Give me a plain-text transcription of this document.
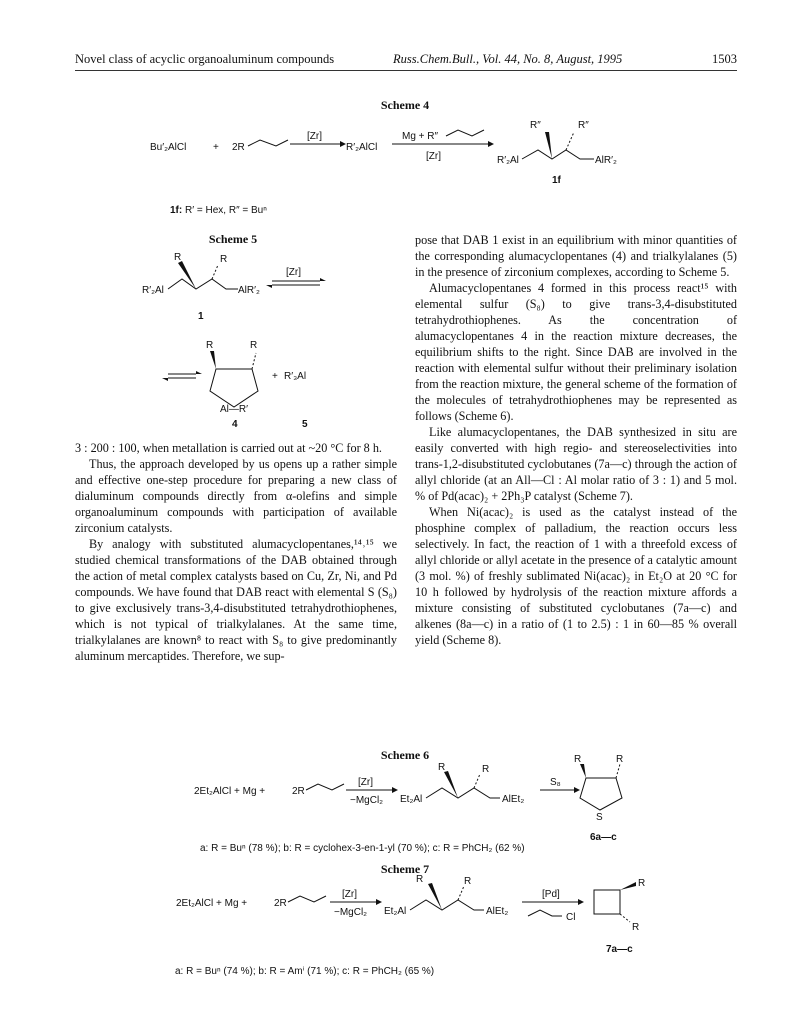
Novel class of acyclic organoaluminum compounds	Russ.Chem.Bull., Vol. 44, No. 8, August, 1995	1503
Scheme 4
Bu′₂AlCl	+ 2R
[Zr]
R′₂AlCl
Mg + R″
[Zr]	R′₂Al
R″	R″
AlR′₂
1f
1f: R′ = Hex, R″ = Buⁿ
Scheme 5
R′₂Al
R	R
AlR′₂
[Zr]
1
R	R
Al—R′
+ R′₃Al
4	5

3 : 200 : 100, when metallation is carried out at ~20 °C for 8 h.

Thus, the approach developed by us opens up a rather simple and effective one-step procedure for preparing a new class of dialuminum compounds directly from α-olefins and simple organoaluminum compounds with participation of available zirconium catalysts.

By analogy with substituted alumacyclopentanes,¹⁴˒¹⁵ we studied chemical transformations of the DAB obtained through the action of metal complex catalysts based on Cu, Zr, Ni, and Pd compounds. We have found that DAB react with elemental S (S₈) to give exclusively trans-3,4-disubstituted tetrahydrothiophenes, which is not typical of trialkylalanes. At the same time, trialkylalanes are known⁸ to react with S₈ to give predominantly aluminum mercaptides. Therefore, we sup-

pose that DAB 1 exist in an equilibrium with minor quantities of the corresponding alumacyclopentanes (4) and trialkylalanes (5) in the presence of zirconium complexes, according to Scheme 5.

Alumacyclopentanes 4 formed in this process react¹⁵ with elemental sulfur (S₈) to give trans-3,4-disubstituted tetrahydrothiophenes. As the concentration of alumacyclopentanes 4 in the reaction mixture decreases, the equilibrium shifts to the right. Since DAB are involved in the reaction with elemental sulfur without their preliminary isolation from the reaction mixture, the general scheme of the formation of the molecules of tetrahydrothiophenes may be represented as follows (Scheme 6).

Like alumacyclopentanes, the DAB synthesized in situ are easily converted with high regio- and stereoselectivities into trans-1,2-disubstituted cyclobutanes (7a—c) through the action of allyl chloride (at an All—Cl : Al molar ratio of 3 : 1) and 5 mol. % of Pd(acac)₂ + 2Ph₃P catalyst (Scheme 7).

When Ni(acac)₂ is used as the catalyst instead of the phosphine complex of palladium, the reaction occurs less selectively. In fact, the reaction of 1 with a threefold excess of allyl chloride or allyl acetate in the presence of a catalytic amount (3 mol. %) of freshly sublimated Ni(acac)₂ in Et₂O at 20 °C for 10 h followed by hydrolysis of the reaction mixture affords a mixture consisting of substituted cyclobutanes (7a—c) and alkenes (8a—c) in a ratio of (1 to 2.5) : 1 in 60—85 % overall yield (Scheme 8).

Scheme 6
2Et₂AlCl + Mg +	2R
[Zr]
−MgCl₂ Et₂Al
R	R
AlEt₂
S₈
R	R
S
6a—c
a: R = Buⁿ (78 %); b: R = cyclohex-3-en-1-yl (70 %); c: R = PhCH₂ (62 %)
Scheme 7
2Et₂AlCl + Mg +	2R
[Zr]
−MgCl₂ Et₂Al
R	R
AlEt₂
[Pd]
Cl
R
R
7a—c
a: R = Buⁿ (74 %); b: R = Amⁱ (71 %); c: R = PhCH₂ (65 %)
